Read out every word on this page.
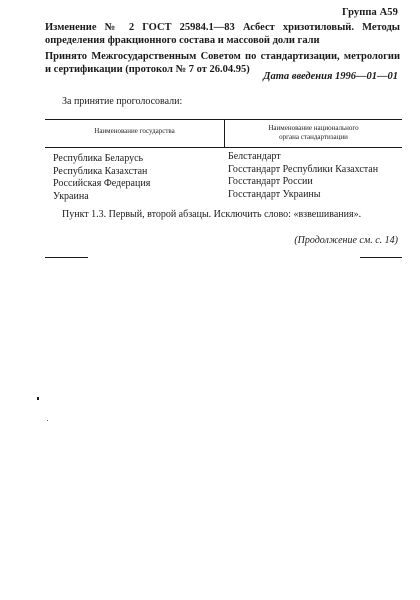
Группа А59

Изменение № 2 ГОСТ 25984.1—83 Асбест хризотиловый. Методы определения фракционного состава и массовой доли гали

Принято Межгосударственным Советом по стандартизации, метрологии и сертификации (протокол № 7 от 26.04.95)

Дата введения 1996—01—01
За принятие проголосовали:
Наименование государства	Наименование национального
органа стандартизации
Республика Беларусь
Республика Казахстан
Российская Федерация
Украина
Белстандарт
Госстандарт Республики Казахстан
Госстандарт России
Госстандарт Украины
Пункт 1.3. Первый, второй абзацы. Исключить слово: «взвешивания».
(Продолжение см. с. 14)
